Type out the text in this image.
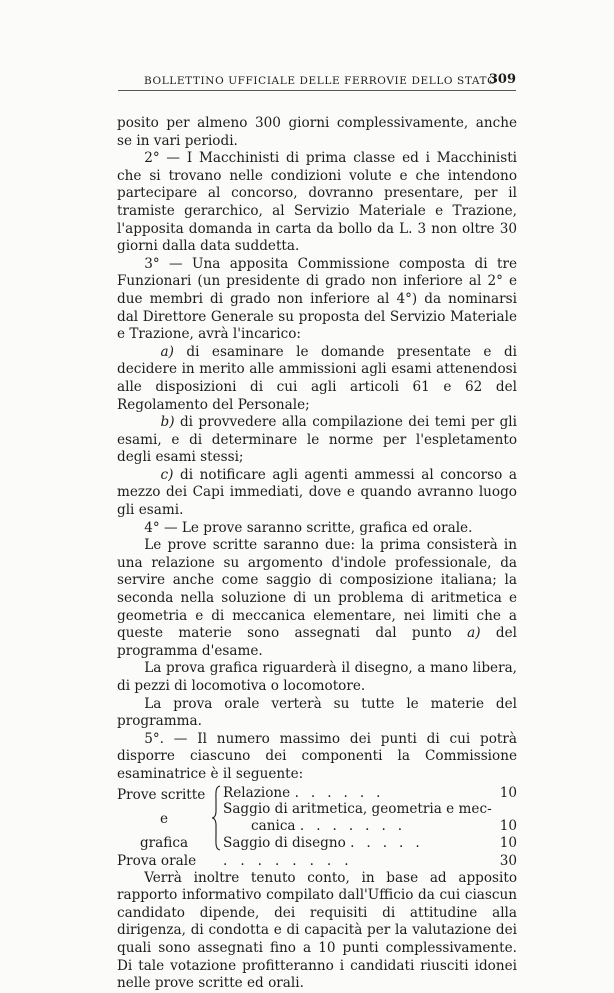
BOLLETTINO UFFICIALE DELLE FERROVIE DELLO STATO
309

posito per almeno 300 giorni complessivamente, anche se in vari periodi.

2° — I Macchinisti di prima classe ed i Macchinisti che si trovano nelle condizioni volute e che intendono partecipare al concorso, dovranno presentare, per il tramiste gerarchico, al Servizio Materiale e Trazione, l'apposita domanda in carta da bollo da L. 3 non oltre 30 giorni dalla data suddetta.

3° — Una apposita Commissione composta di tre Funzionari (un presidente di grado non inferiore al 2° e due membri di grado non inferiore al 4°) da nominarsi dal Direttore Generale su proposta del Servizio Materiale e Trazione, avrà l'incarico:

a) di esaminare le domande presentate e di decidere in merito alle ammissioni agli esami attenendosi alle disposizioni di cui agli articoli 61 e 62 del Regolamento del Personale;

b) di provvedere alla compilazione dei temi per gli esami, e di determinare le norme per l'espletamento degli esami stessi;

c) di notificare agli agenti ammessi al concorso a mezzo dei Capi immediati, dove e quando avranno luogo gli esami.

4° — Le prove saranno scritte, grafica ed orale.

Le prove scritte saranno due: la prima consisterà in una relazione su argomento d'indole professionale, da servire anche come saggio di composizione italiana; la seconda nella soluzione di un problema di aritmetica e geometria e di meccanica elementare, nei limiti che a queste materie sono assegnati dal punto a) del programma d'esame.

La prova grafica riguarderà il disegno, a mano libera, di pezzi di locomotiva o locomotore.

La prova orale verterà su tutte le materie del programma.

5°. — Il numero massimo dei punti di cui potrà disporre ciascuno dei componenti la Commissione esaminatrice è il seguente:

Prove scritte
e
grafica
Relazione ......	10
Saggio di aritmetica, geometria e mec-
canica
.......	10
Saggio di disegno .....	10
Prova orale	........	30

Verrà inoltre tenuto conto, in base ad apposito rapporto informativo compilato dall'Ufficio da cui ciascun candidato dipende, dei requisiti di attitudine alla dirigenza, di condotta e di capacità per la valutazione dei quali sono assegnati fino a 10 punti complessivamente. Di tale votazione profitteranno i candidati riusciti idonei nelle prove scritte ed orali.
